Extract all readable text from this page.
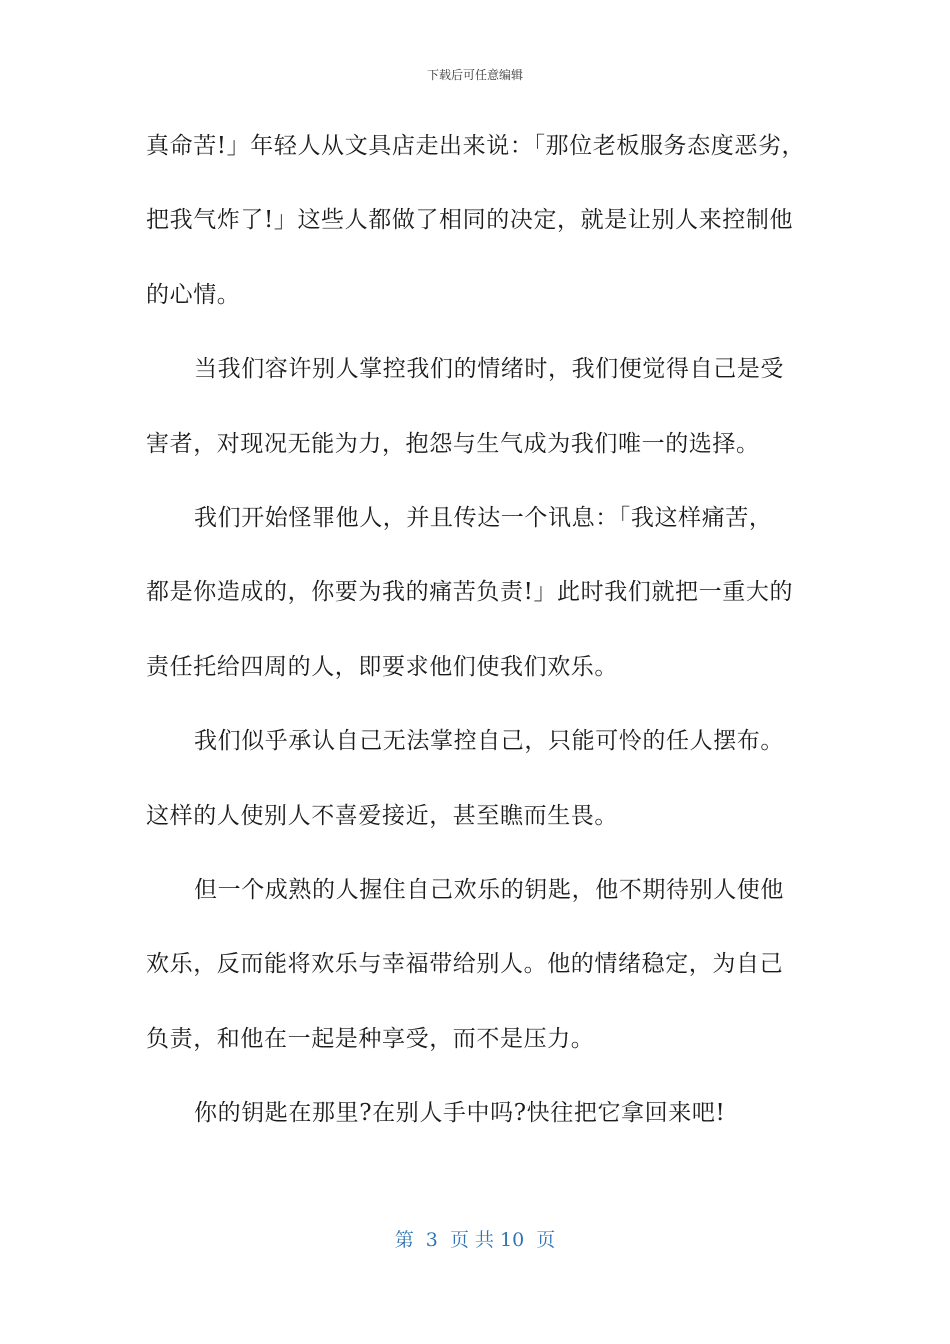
下载后可任意编辑
真命苦!」年轻人从文具店走出来说：「那位老板服务态度恶劣，
把我气炸了!」这些人都做了相同的决定，就是让别人来控制他
的心情。
当我们容许别人掌控我们的情绪时，我们便觉得自己是受
害者，对现况无能为力，抱怨与生气成为我们唯一的选择。
我们开始怪罪他人，并且传达一个讯息：「我这样痛苦，
都是你造成的，你要为我的痛苦负责!」此时我们就把一重大的
责任托给四周的人，即要求他们使我们欢乐。
我们似乎承认自己无法掌控自己，只能可怜的任人摆布。
这样的人使别人不喜爱接近，甚至瞧而生畏。
但一个成熟的人握住自己欢乐的钥匙，他不期待别人使他
欢乐，反而能将欢乐与幸福带给别人。他的情绪稳定，为自己
负责，和他在一起是种享受，而不是压力。
你的钥匙在那里?在别人手中吗?快往把它拿回来吧!
第  3  页 共 10  页
